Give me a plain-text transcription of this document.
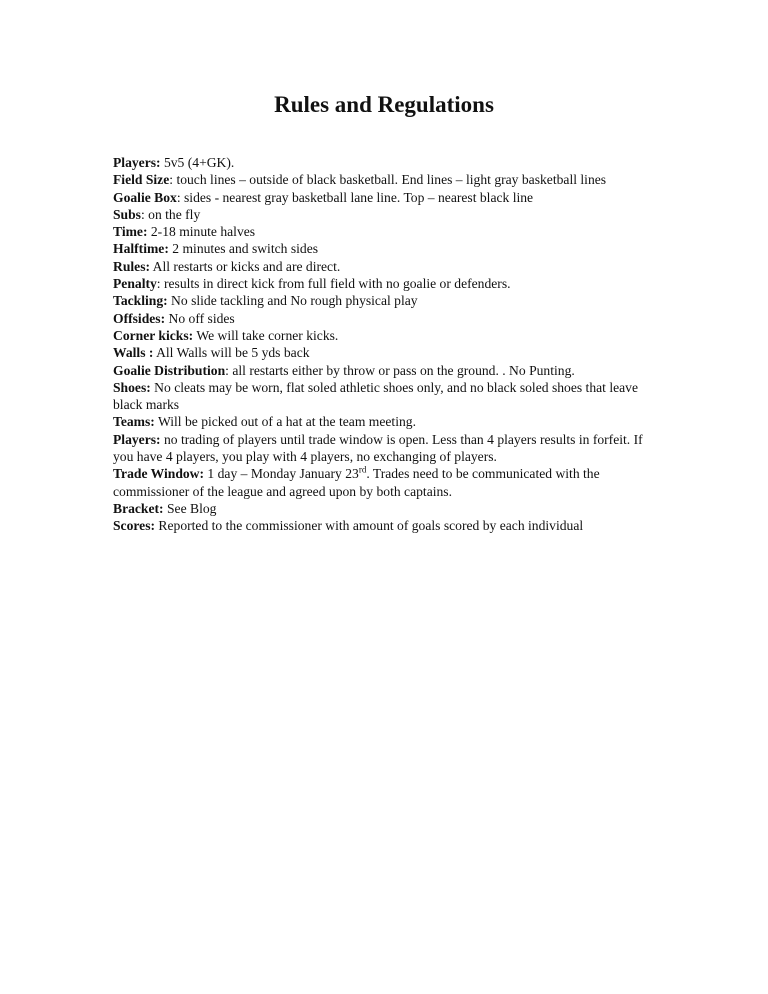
Rules and Regulations
Players: 5v5 (4+GK).
Field Size: touch lines – outside of black basketball. End lines – light gray basketball lines
Goalie Box: sides - nearest gray basketball lane line. Top – nearest black line
Subs: on the fly
Time: 2-18 minute halves
Halftime: 2 minutes and switch sides
Rules: All restarts or kicks and are direct.
Penalty: results in direct kick from full field with no goalie or defenders.
Tackling: No slide tackling and No rough physical play
Offsides: No off sides
Corner kicks: We will take corner kicks.
Walls : All Walls will be 5 yds back
Goalie Distribution: all restarts either by throw or pass on the ground. . No Punting.
Shoes: No cleats may be worn, flat soled athletic shoes only, and no black soled shoes that leave black marks
Teams: Will be picked out of a hat at the team meeting.
Players: no trading of players until trade window is open. Less than 4 players results in forfeit. If you have 4 players, you play with 4 players, no exchanging of players.
Trade Window: 1 day – Monday January 23rd. Trades need to be communicated with the commissioner of the league and agreed upon by both captains.
Bracket: See Blog
Scores: Reported to the commissioner with amount of goals scored by each individual
